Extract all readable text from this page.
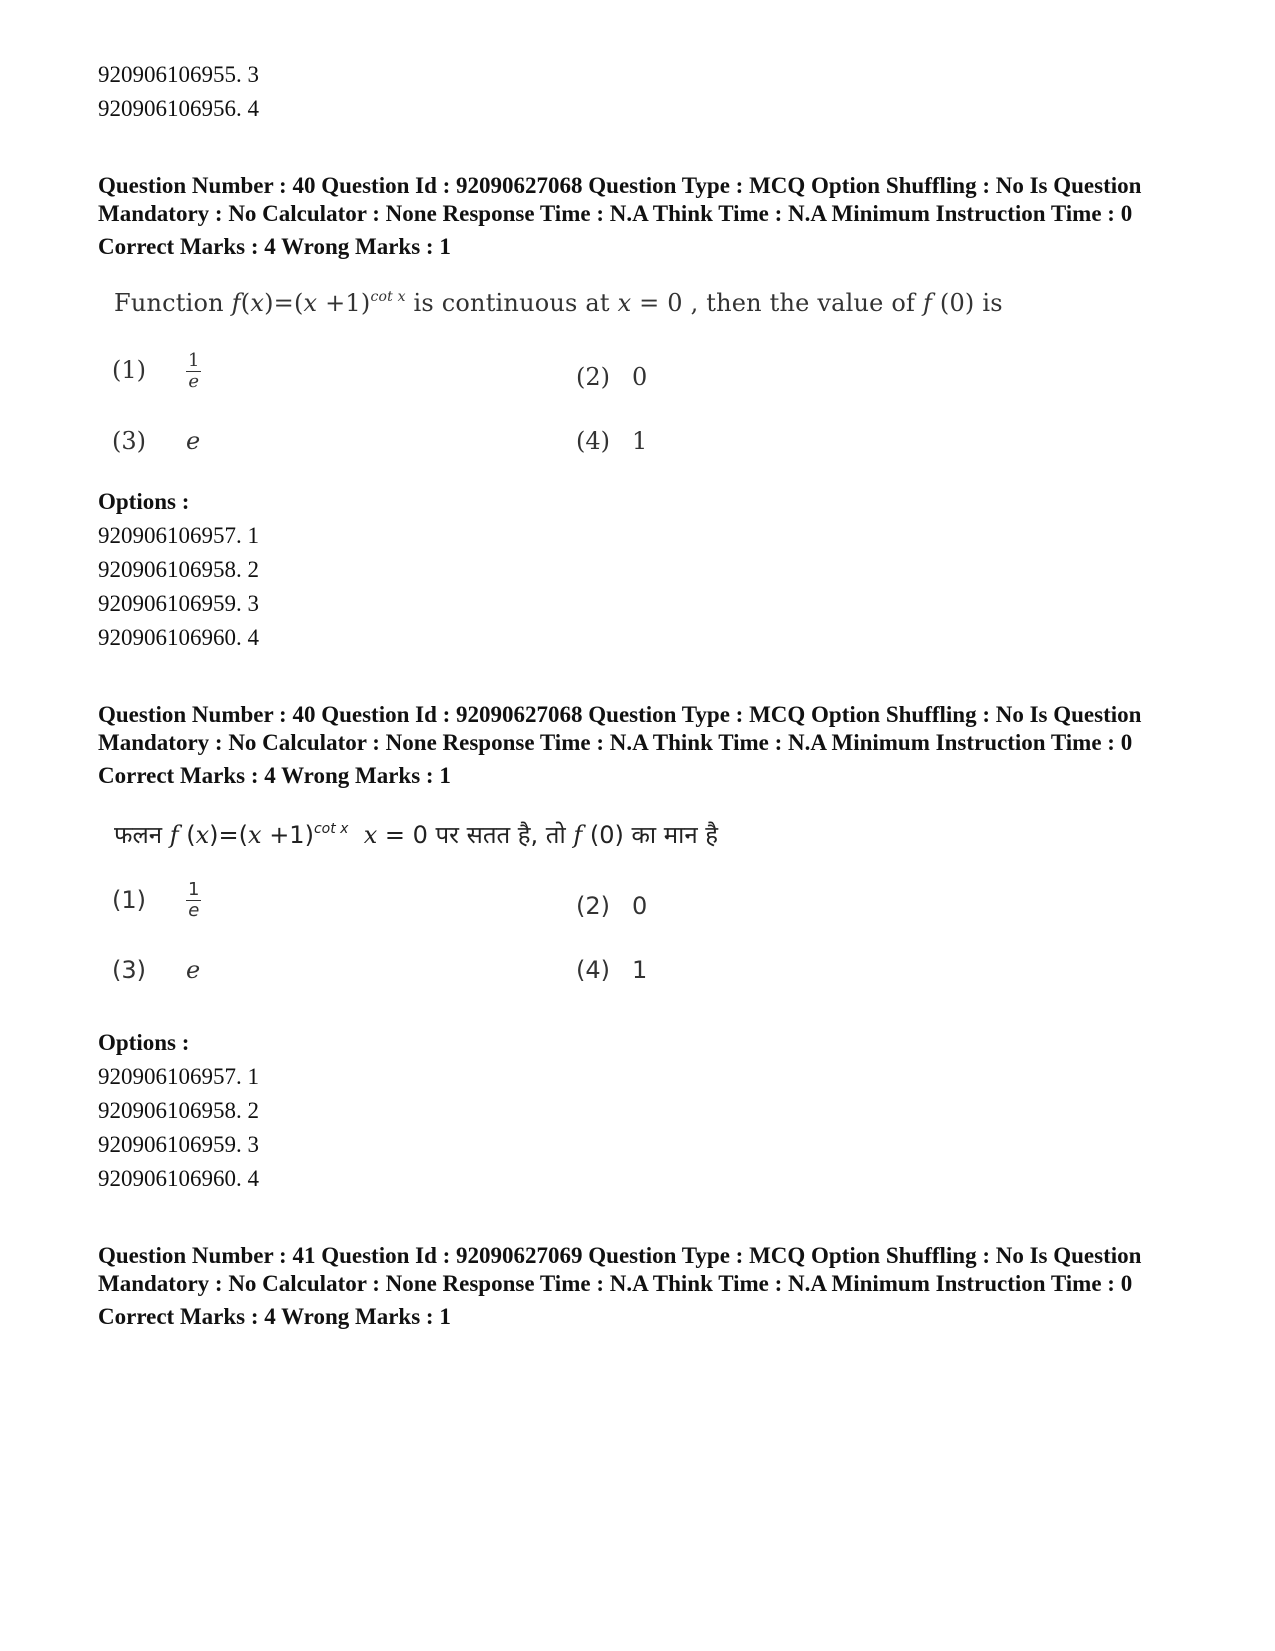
920906106955. 3
920906106956. 4
Question Number : 40 Question Id : 92090627068 Question Type : MCQ Option Shuffling : No Is Question Mandatory : No Calculator : None Response Time : N.A Think Time : N.A Minimum Instruction Time : 0
Correct Marks : 4 Wrong Marks : 1
Function $f(x)=(x +1)^{cot x}$ is continuous at x = 0 , then the value of f (0) is
$(1) \frac{1}{e}$	(2) 0
(3) e	(4) 1
Options :
920906106957. 1
920906106958. 2
920906106959. 3
920906106960. 4
Question Number : 40 Question Id : 92090627068 Question Type : MCQ Option Shuffling : No Is Question Mandatory : No Calculator : None Response Time : N.A Think Time : N.A Minimum Instruction Time : 0
Correct Marks : 4 Wrong Marks : 1
फलन f $(x)=(x +1)^{cot x}$ x = 0 पर सतत है, तो f (0) का मान है
$(1) \frac{1}{e}$	(2) 0
(3) e	(4) 1
Options :
920906106957. 1
920906106958. 2
920906106959. 3
920906106960. 4
Question Number : 41 Question Id : 92090627069 Question Type : MCQ Option Shuffling : No Is Question Mandatory : No Calculator : None Response Time : N.A Think Time : N.A Minimum Instruction Time : 0
Correct Marks : 4 Wrong Marks : 1
